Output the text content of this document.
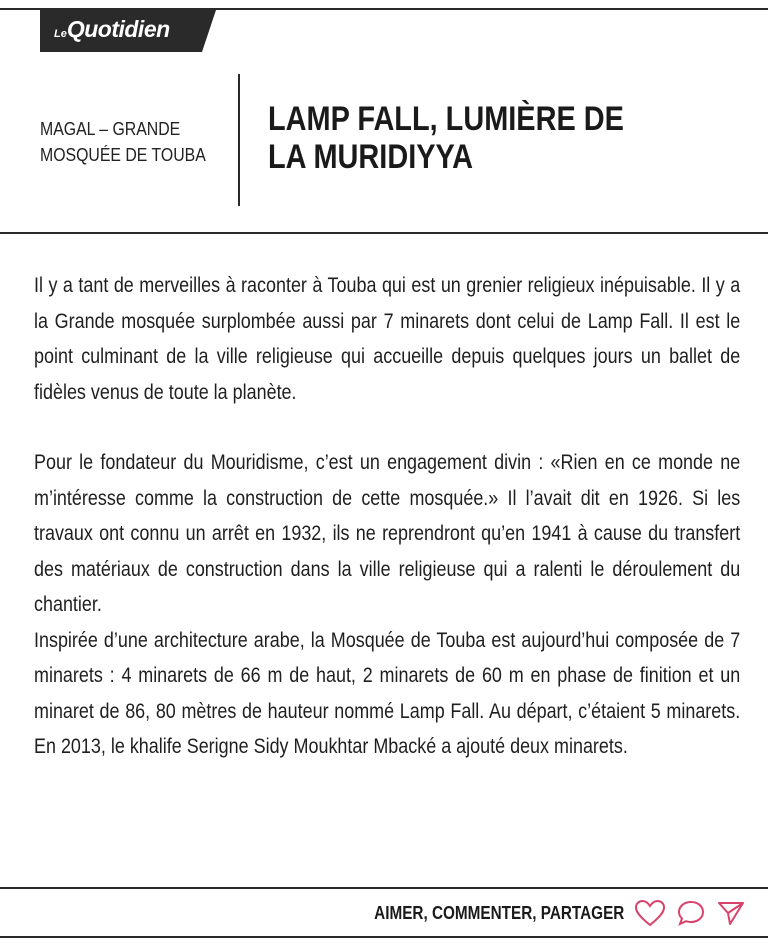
LeQuotidien
MAGAL – GRANDE MOSQUÉE DE TOUBA
LAMP FALL, LUMIÈRE DE LA MURIDIYYA

Il y a tant de merveilles à raconter à Touba qui est un grenier religieux inépuisable. Il y a la Grande mosquée surplombée aussi par 7 minarets dont celui de Lamp Fall. Il est le point culminant de la ville religieuse qui accueille depuis quelques jours un ballet de fidèles venus de toute la planète.

Pour le fondateur du Mouridisme, c’est un engagement divin : «Rien en ce monde ne m’intéresse comme la construction de cette mosquée.» Il l’avait dit en 1926. Si les travaux ont connu un arrêt en 1932, ils ne reprendront qu’en 1941 à cause du transfert des matériaux de construction dans la ville religieuse qui a ralenti le déroulement du chantier.

Inspirée d’une architecture arabe, la Mosquée de Touba est aujourd’hui composée de 7 minarets : 4 minarets de 66 m de haut, 2 minarets de 60 m en phase de finition et un minaret de 86, 80 mètres de hauteur nommé Lamp Fall. Au départ, c’étaient 5 minarets. En 2013, le khalife Serigne Sidy Moukhtar Mbacké a ajouté deux minarets.

AIMER, COMMENTER, PARTAGER
